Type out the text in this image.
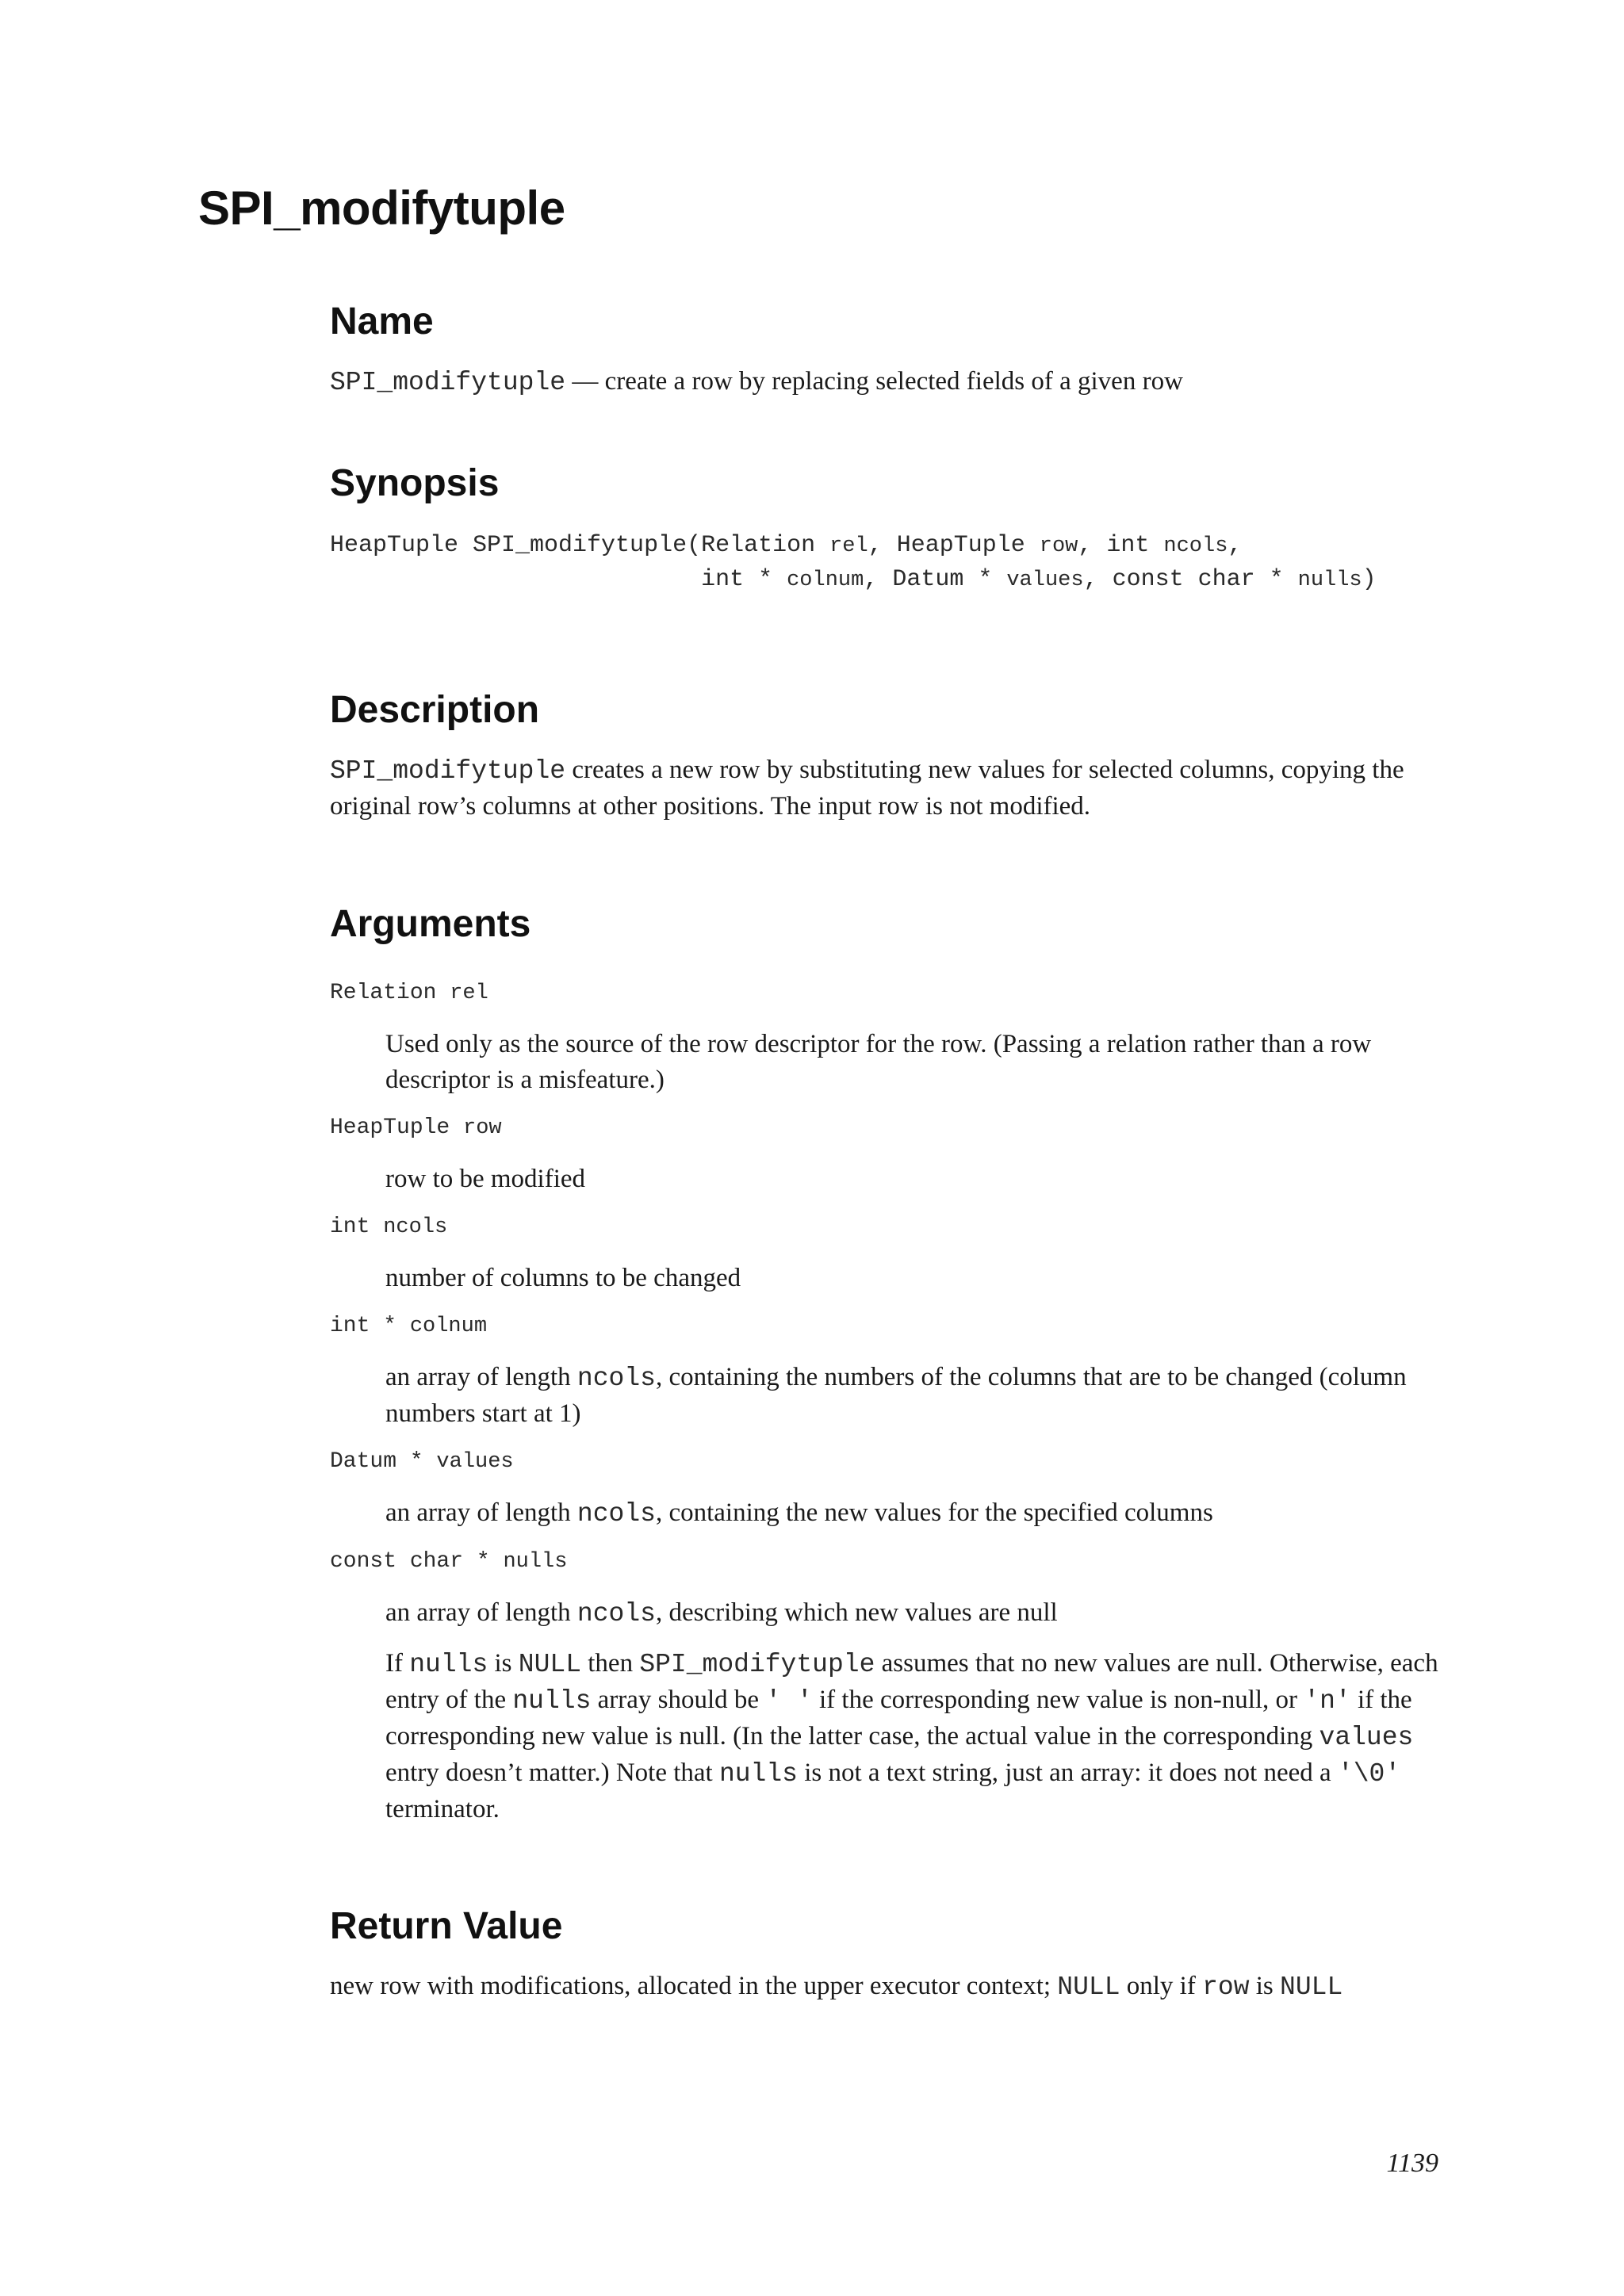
SPI_modifytuple
Name

SPI_modifytuple — create a row by replacing selected fields of a given row

Synopsis
HeapTuple SPI_modifytuple(Relation rel, HeapTuple row, int ncols,
int * colnum, Datum * values, const char * nulls)
Description

SPI_modifytuple creates a new row by substituting new values for selected columns, copying the original row’s columns at other positions. The input row is not modified.

Arguments

Relation rel

Used only as the source of the row descriptor for the row. (Passing a relation rather than a row descriptor is a misfeature.)

HeapTuple row

row to be modified

int ncols

number of columns to be changed

int * colnum

an array of length ncols, containing the numbers of the columns that are to be changed (column numbers start at 1)

Datum * values

an array of length ncols, containing the new values for the specified columns

const char * nulls

an array of length ncols, describing which new values are null

If nulls is NULL then SPI_modifytuple assumes that no new values are null. Otherwise, each entry of the nulls array should be ' ' if the corresponding new value is non-null, or 'n' if the corresponding new value is null. (In the latter case, the actual value in the corresponding values entry doesn’t matter.) Note that nulls is not a text string, just an array: it does not need a '\0' terminator.

Return Value

new row with modifications, allocated in the upper executor context; NULL only if row is NULL

1139
